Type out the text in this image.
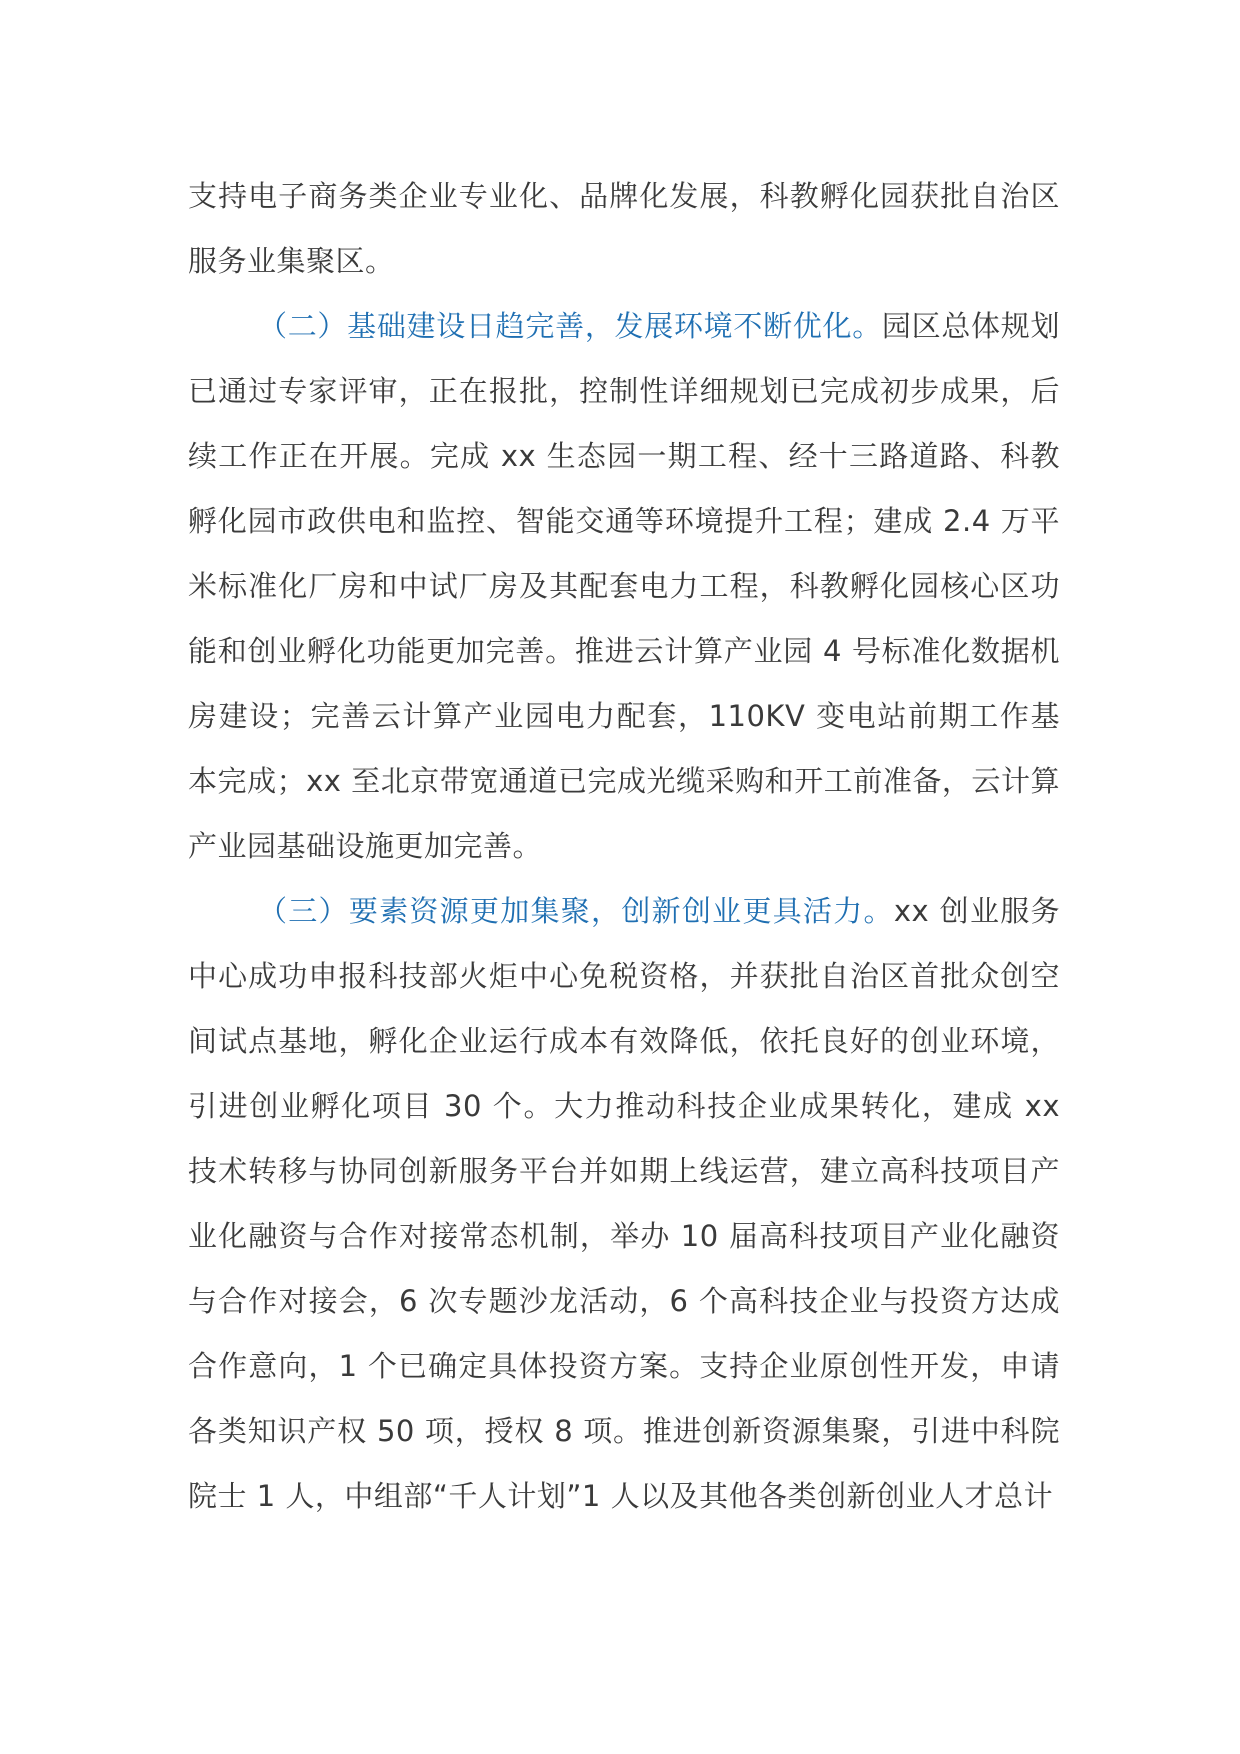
支持电子商务类企业专业化、品牌化发展，科教孵化园获批自治区服务业集聚区。

（二）基础建设日趋完善，发展环境不断优化。园区总体规划已通过专家评审，正在报批，控制性详细规划已完成初步成果，后续工作正在开展。完成 xx 生态园一期工程、经十三路道路、科教孵化园市政供电和监控、智能交通等环境提升工程；建成 2.4 万平米标准化厂房和中试厂房及其配套电力工程，科教孵化园核心区功能和创业孵化功能更加完善。推进云计算产业园 4 号标准化数据机房建设；完善云计算产业园电力配套，110KV 变电站前期工作基本完成；xx 至北京带宽通道已完成光缆采购和开工前准备，云计算产业园基础设施更加完善。

（三）要素资源更加集聚，创新创业更具活力。xx 创业服务中心成功申报科技部火炬中心免税资格，并获批自治区首批众创空间试点基地，孵化企业运行成本有效降低，依托良好的创业环境，引进创业孵化项目 30 个。大力推动科技企业成果转化，建成 xx 技术转移与协同创新服务平台并如期上线运营，建立高科技项目产业化融资与合作对接常态机制，举办 10 届高科技项目产业化融资与合作对接会，6 次专题沙龙活动，6 个高科技企业与投资方达成合作意向，1 个已确定具体投资方案。支持企业原创性开发，申请各类知识产权 50 项，授权 8 项。推进创新资源集聚，引进中科院院士 1 人，中组部“千人计划”1 人以及其他各类创新创业人才总计
